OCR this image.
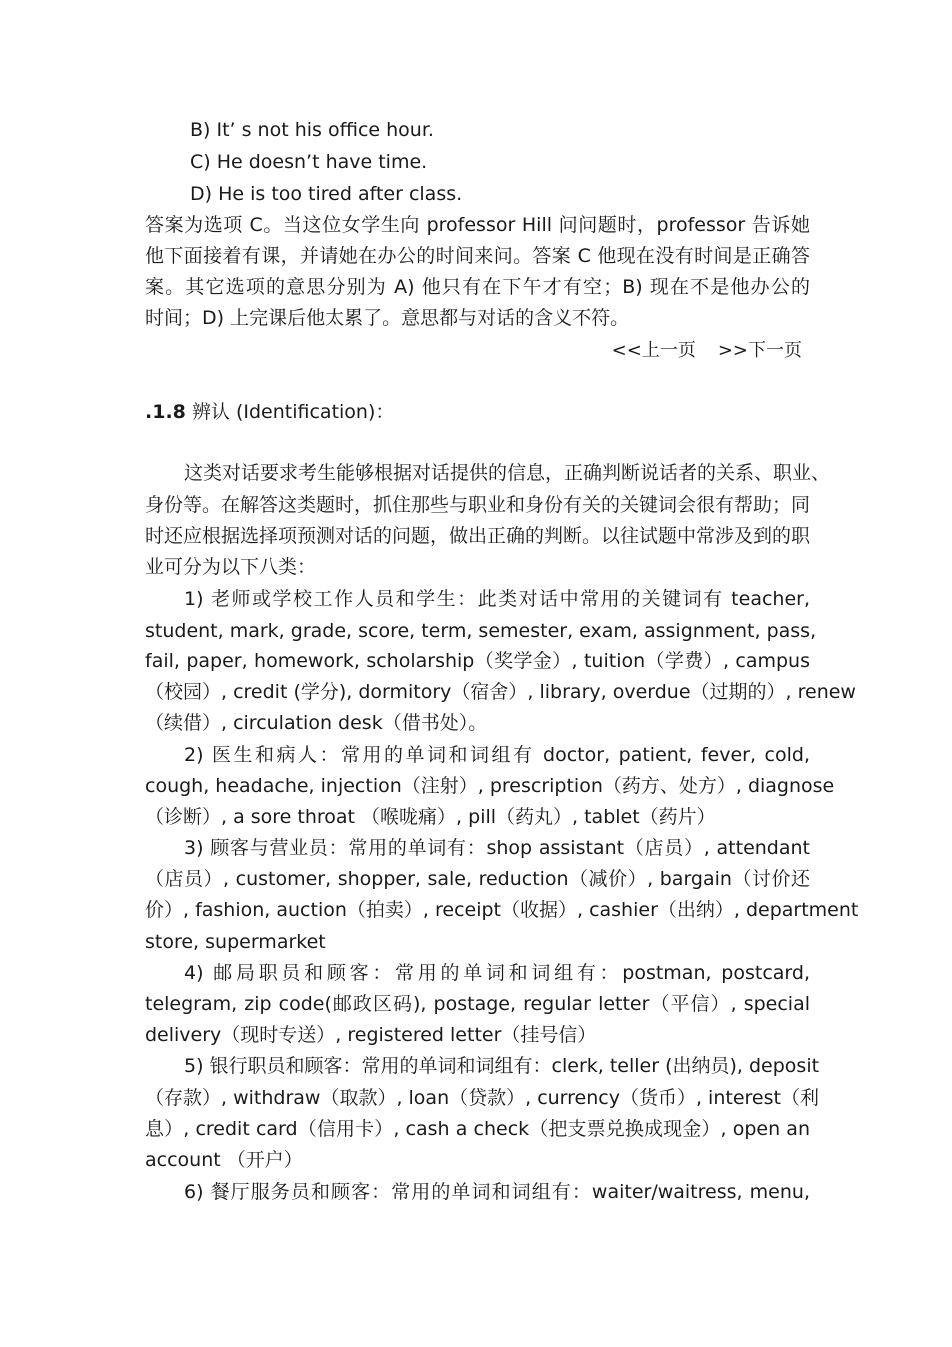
B) It’ s not his office hour.
C) He doesn’t have time.
D) He is too tired after class.
答案为选项 C。当这位女学生向 professor Hill 问问题时，professor 告诉她
他下面接着有课，并请她在办公的时间来问。答案 C 他现在没有时间是正确答
案。其它选项的意思分别为 A) 他只有在下午才有空；B) 现在不是他办公的
时间；D) 上完课后他太累了。意思都与对话的含义不符。
<<上一页 >>下一页
.1.8 辨认 (Identification)：
这类对话要求考生能够根据对话提供的信息，正确判断说话者的关系、职业、
身份等。在解答这类题时，抓住那些与职业和身份有关的关键词会很有帮助；同
时还应根据选择项预测对话的问题，做出正确的判断。以往试题中常涉及到的职
业可分为以下八类：
1) 老师或学校工作人员和学生：此类对话中常用的关键词有 teacher,
student, mark, grade, score, term, semester, exam, assignment, pass,
fail, paper, homework, scholarship（奖学金）, tuition（学费）, campus
（校园）, credit (学分), dormitory（宿舍）, library, overdue（过期的）, renew
（续借）, circulation desk（借书处）。
2) 医生和病人：常用的单词和词组有 doctor, patient, fever, cold,
cough, headache, injection（注射）, prescription（药方、处方）, diagnose
（诊断）, a sore throat （喉咙痛）, pill（药丸）, tablet（药片）
3) 顾客与营业员：常用的单词有：shop assistant（店员）, attendant
（店员）, customer, shopper, sale, reduction（减价）, bargain（讨价还
价）, fashion, auction（拍卖）, receipt（收据）, cashier（出纳）, department
store, supermarket
4) 邮局职员和顾客：常用的单词和词组有：postman, postcard,
telegram, zip code(邮政区码), postage, regular letter（平信）, special
delivery（现时专送）, registered letter（挂号信）
5) 银行职员和顾客：常用的单词和词组有：clerk, teller (出纳员), deposit
（存款）, withdraw（取款）, loan（贷款）, currency（货币）, interest（利
息）, credit card（信用卡）, cash a check（把支票兑换成现金）, open an
account （开户）
6) 餐厅服务员和顾客：常用的单词和词组有：waiter/waitress, menu,
